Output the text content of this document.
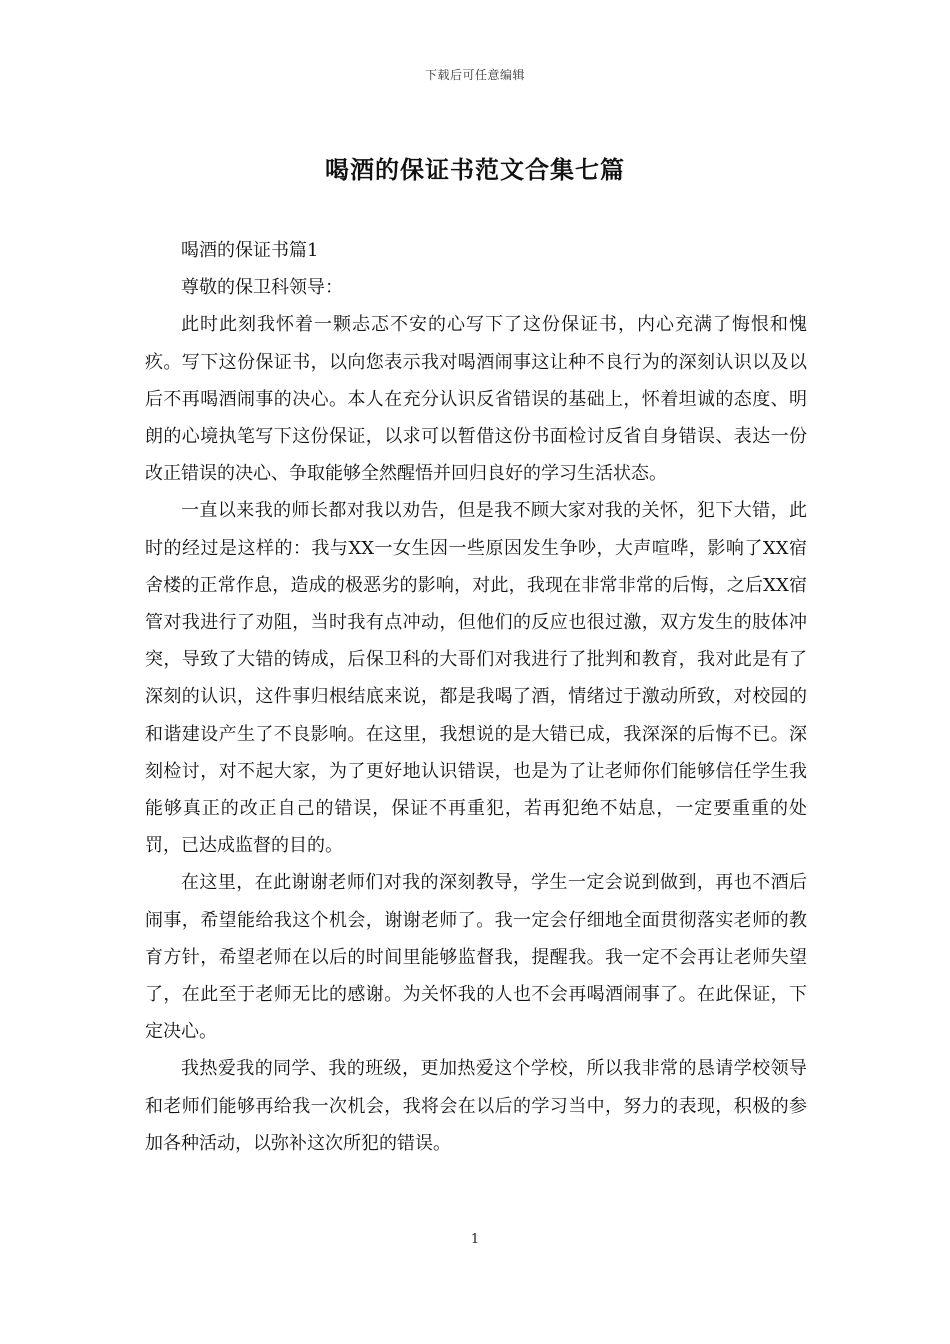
下载后可任意编辑
喝酒的保证书范文合集七篇

喝酒的保证书篇1

尊敬的保卫科领导：

此时此刻我怀着一颗忐忑不安的心写下了这份保证书，内心充满了悔恨和愧疚。写下这份保证书，以向您表示我对喝酒闹事这让种不良行为的深刻认识以及以后不再喝酒闹事的决心。本人在充分认识反省错误的基础上，怀着坦诚的态度、明朗的心境执笔写下这份保证，以求可以暂借这份书面检讨反省自身错误、表达一份改正错误的决心、争取能够全然醒悟并回归良好的学习生活状态。

一直以来我的师长都对我以劝告，但是我不顾大家对我的关怀，犯下大错，此时的经过是这样的：我与XX一女生因一些原因发生争吵，大声喧哗，影响了XX宿舍楼的正常作息，造成的极恶劣的影响，对此，我现在非常非常的后悔，之后XX宿管对我进行了劝阻，当时我有点冲动，但他们的反应也很过激，双方发生的肢体冲突，导致了大错的铸成，后保卫科的大哥们对我进行了批判和教育，我对此是有了深刻的认识，这件事归根结底来说，都是我喝了酒，情绪过于激动所致，对校园的和谐建设产生了不良影响。在这里，我想说的是大错已成，我深深的后悔不已。深刻检讨，对不起大家，为了更好地认识错误，也是为了让老师你们能够信任学生我能够真正的改正自己的错误，保证不再重犯，若再犯绝不姑息，一定要重重的处罚，已达成监督的目的。

在这里，在此谢谢老师们对我的深刻教导，学生一定会说到做到，再也不酒后闹事，希望能给我这个机会，谢谢老师了。我一定会仔细地全面贯彻落实老师的教育方针，希望老师在以后的时间里能够监督我，提醒我。我一定不会再让老师失望了，在此至于老师无比的感谢。为关怀我的人也不会再喝酒闹事了。在此保证，下定决心。

我热爱我的同学、我的班级，更加热爱这个学校，所以我非常的恳请学校领导和老师们能够再给我一次机会，我将会在以后的学习当中，努力的表现，积极的参加各种活动，以弥补这次所犯的错误。

1
